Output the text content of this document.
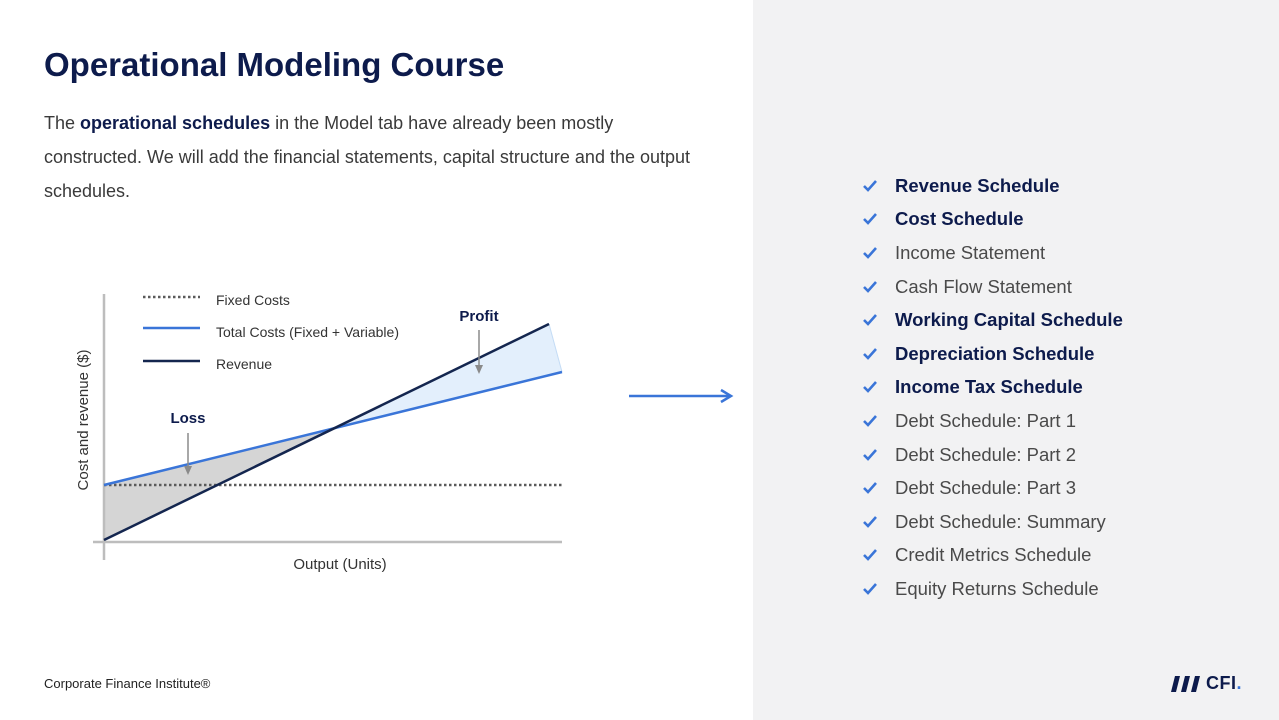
Operational Modeling Course

The operational schedules in the Model tab have already been mostly constructed. We will add the financial statements, capital structure and the output schedules.

Fixed Costs
Total Costs (Fixed + Variable)
Revenue
Loss
Profit
Output (Units)
Cost and revenue ($)
Revenue Schedule
Cost Schedule
Income Statement
Cash Flow Statement
Working Capital Schedule
Depreciation Schedule
Income Tax Schedule
Debt Schedule: Part 1
Debt Schedule: Part 2
Debt Schedule: Part 3
Debt Schedule: Summary
Credit Metrics Schedule
Equity Returns Schedule
Corporate Finance Institute®	CFI .
